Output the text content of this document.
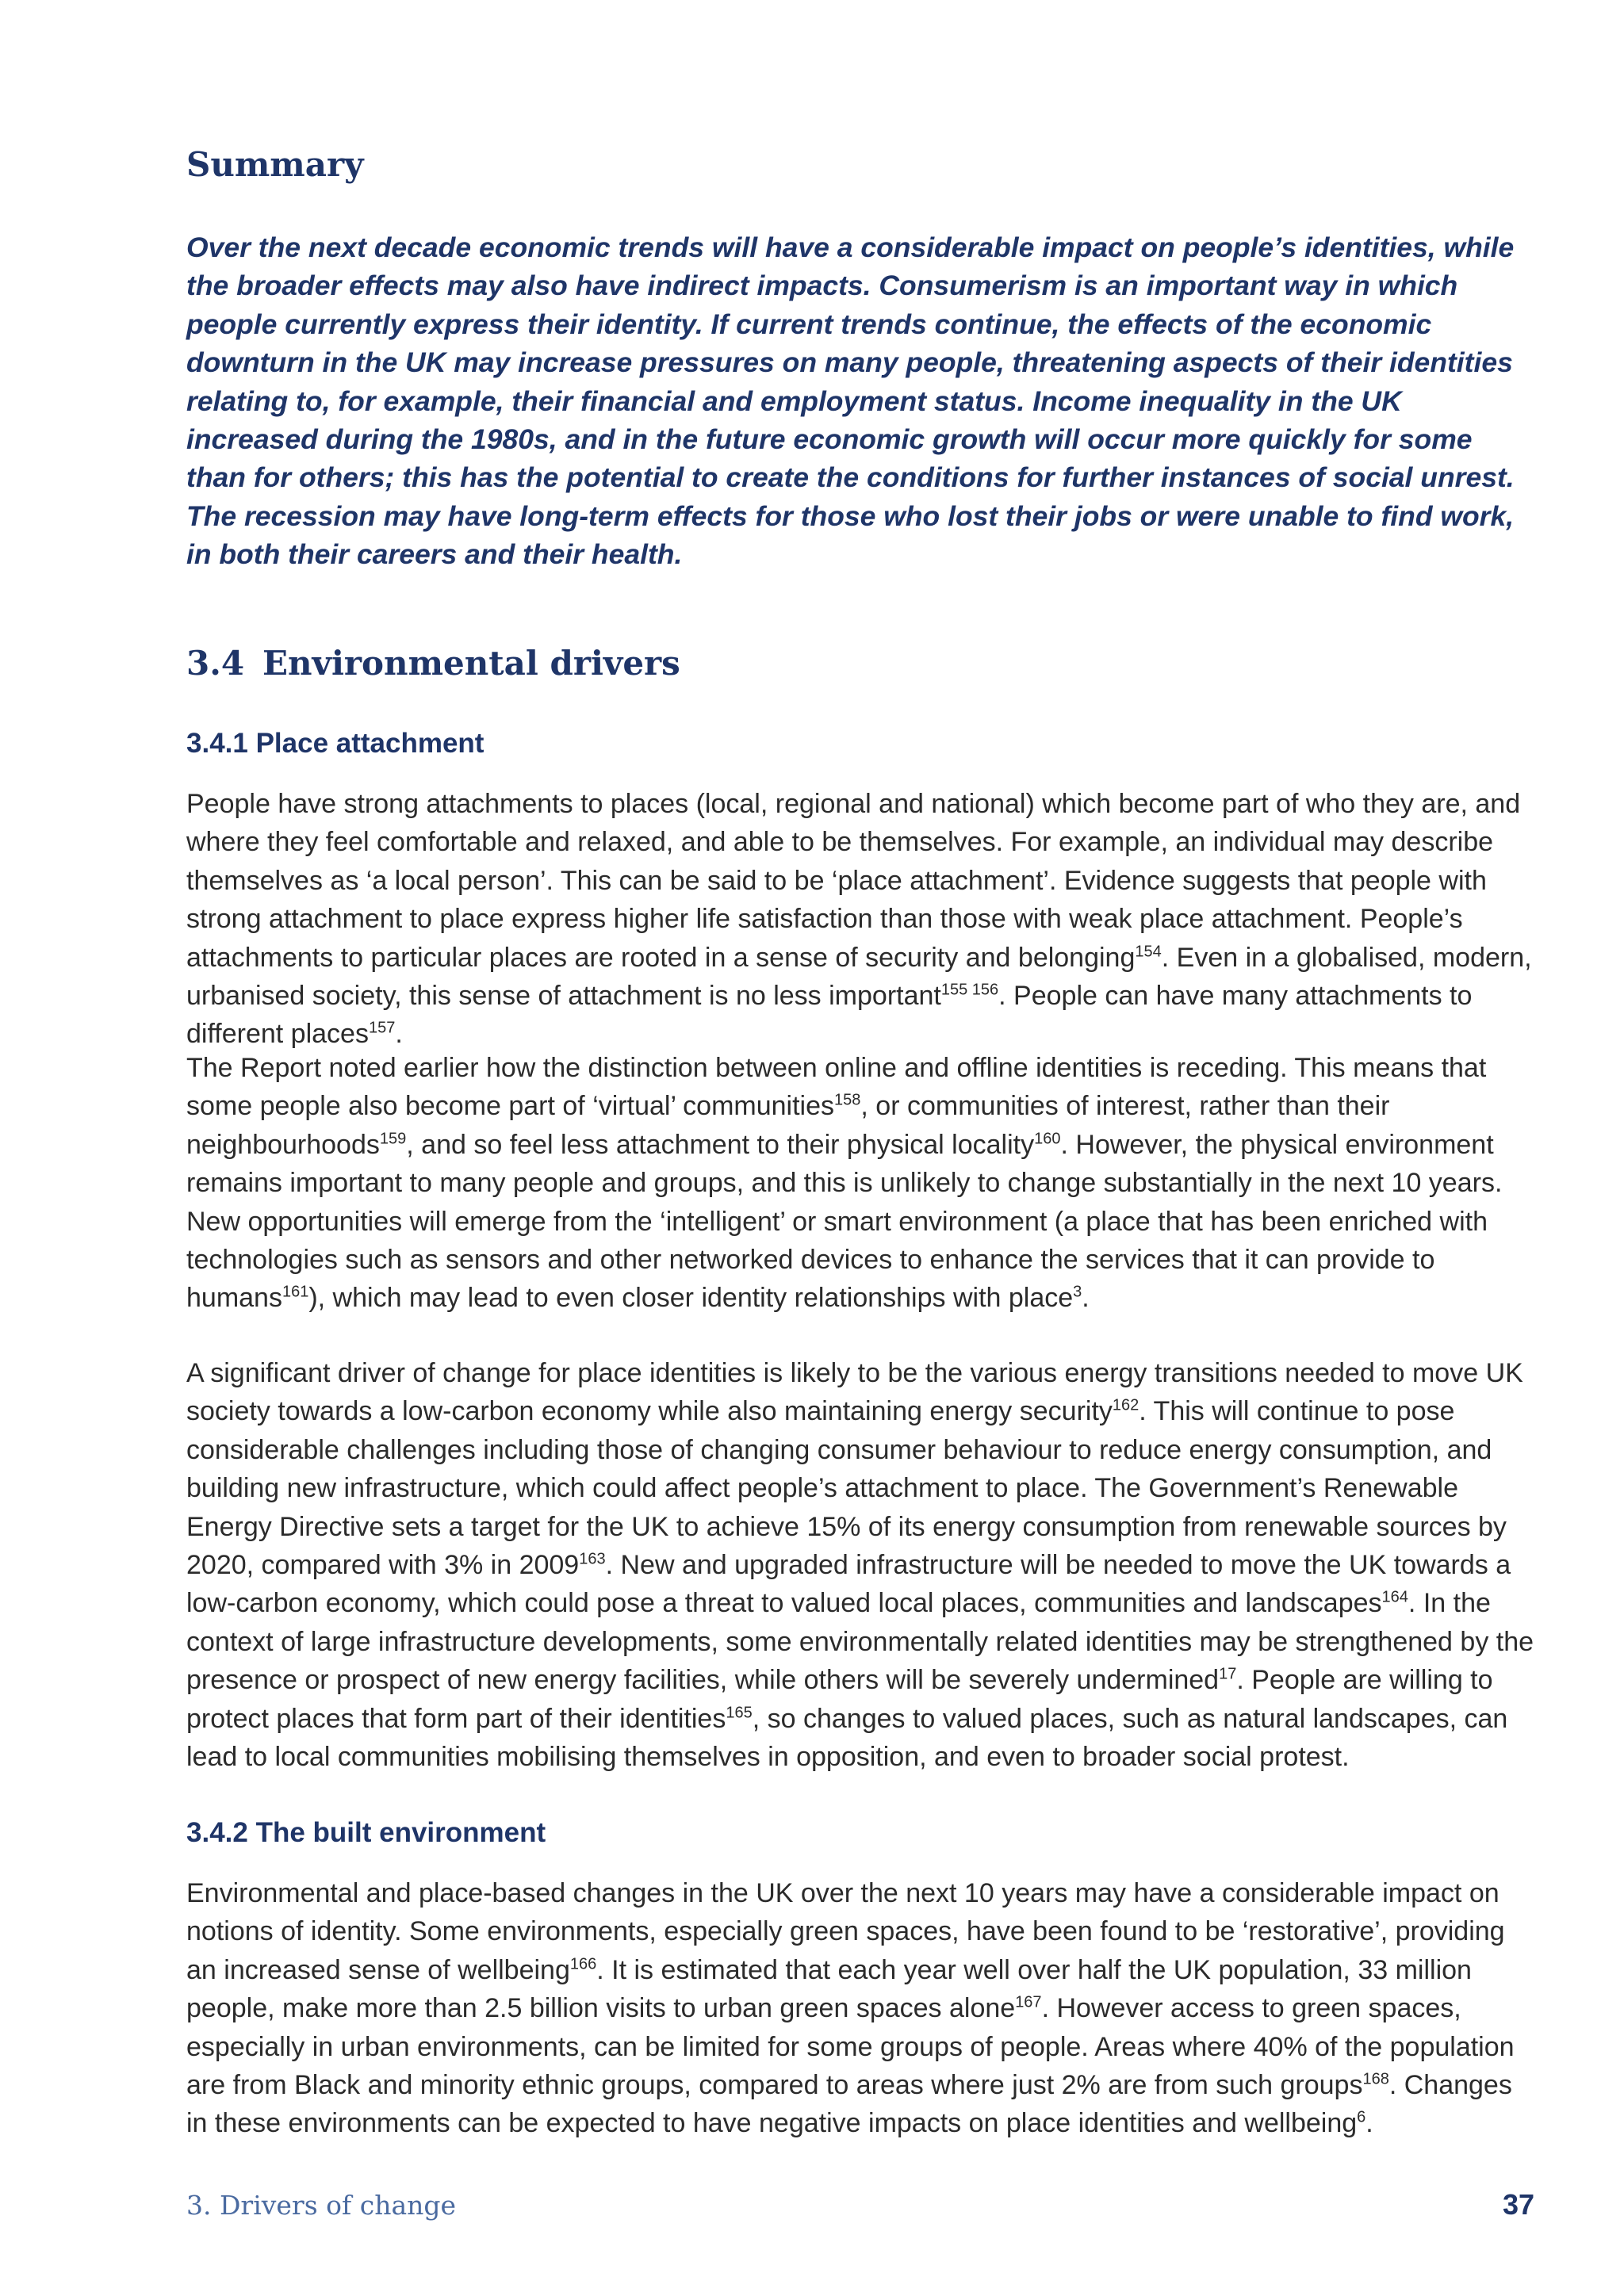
Summary

Over the next decade economic trends will have a considerable impact on people’s identities, while the broader effects may also have indirect impacts. Consumerism is an important way in which people currently express their identity. If current trends continue, the effects of the economic downturn in the UK may increase pressures on many people, threatening aspects of their identities relating to, for example, their financial and employment status. Income inequality in the UK increased during the 1980s, and in the future economic growth will occur more quickly for some than for others; this has the potential to create the conditions for further instances of social unrest. The recession may have long-term effects for those who lost their jobs or were unable to find work, in both their careers and their health.

3.4 Environmental drivers
3.4.1 Place attachment

People have strong attachments to places (local, regional and national) which become part of who they are, and where they feel comfortable and relaxed, and able to be themselves. For example, an individual may describe themselves as ‘a local person’. This can be said to be ‘place attachment’. Evidence suggests that people with strong attachment to place express higher life satisfaction than those with weak place attachment. People’s attachments to particular places are rooted in a sense of security and belonging$^{154}$. Even in a globalised, modern, urbanised society, this sense of attachment is no less important$^{155 156}$. People can have many attachments to different places$^{157}$.

The Report noted earlier how the distinction between online and offline identities is receding. This means that some people also become part of ‘virtual’ communities$^{158}$, or communities of interest, rather than their neighbourhoods$^{159}$, and so feel less attachment to their physical locality$^{160}$. However, the physical environment remains important to many people and groups, and this is unlikely to change substantially in the next 10 years. New opportunities will emerge from the ‘intelligent’ or smart environment (a place that has been enriched with technologies such as sensors and other networked devices to enhance the services that it can provide to humans$^{161}$), which may lead to even closer identity relationships with place$^3$.

A significant driver of change for place identities is likely to be the various energy transitions needed to move UK society towards a low-carbon economy while also maintaining energy security$^{162}$. This will continue to pose considerable challenges including those of changing consumer behaviour to reduce energy consumption, and building new infrastructure, which could affect people’s attachment to place. The Government’s Renewable Energy Directive sets a target for the UK to achieve 15% of its energy consumption from renewable sources by 2020, compared with 3% in 2009$^{163}$. New and upgraded infrastructure will be needed to move the UK towards a low-carbon economy, which could pose a threat to valued local places, communities and landscapes$^{164}$. In the context of large infrastructure developments, some environmentally related identities may be strengthened by the presence or prospect of new energy facilities, while others will be severely undermined$^{17}$. People are willing to protect places that form part of their identities$^{165}$, so changes to valued places, such as natural landscapes, can lead to local communities mobilising themselves in opposition, and even to broader social protest.

3.4.2 The built environment

Environmental and place-based changes in the UK over the next 10 years may have a considerable impact on notions of identity. Some environments, especially green spaces, have been found to be ‘restorative’, providing an increased sense of wellbeing$^{166}$. It is estimated that each year well over half the UK population, 33 million people, make more than 2.5 billion visits to urban green spaces alone$^{167}$. However access to green spaces, especially in urban environments, can be limited for some groups of people. Areas where 40% of the population are from Black and minority ethnic groups, compared to areas where just 2% are from such groups$^{168}$. Changes in these environments can be expected to have negative impacts on place identities and wellbeing$^6$.

3. Drivers of change	37
